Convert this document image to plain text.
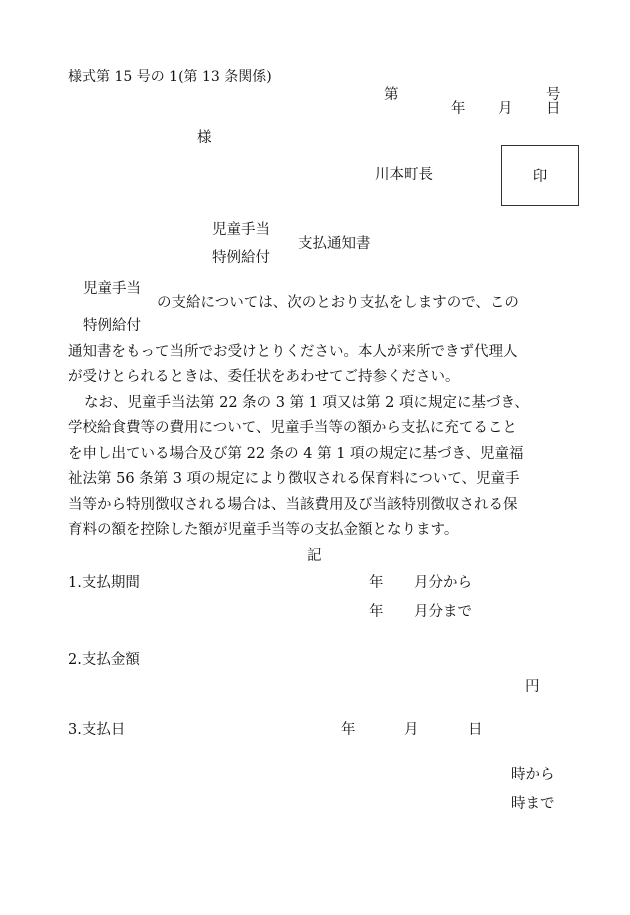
様式第 15 号の 1(第 13 条関係)
第	号
年 月 日
様
川本町長	印
児童手当
支払通知書
特例給付
児童手当
の支給については、次のとおり支払をしますので、この
特例給付
通知書をもって当所でお受けとりください。本人が来所できず代理人
が受けとられるときは、委任状をあわせてご持参ください。
なお、児童手当法第 22 条の 3 第 1 項又は第 2 項に規定に基づき、
学校給食費等の費用について、児童手当等の額から支払に充てること
を申し出ている場合及び第 22 条の 4 第 1 項の規定に基づき、児童福
祉法第 56 条第 3 項の規定により徴収される保育料について、児童手
当等から特別徴収される場合は、当該費用及び当該特別徴収される保
育料の額を控除した額が児童手当等の支払金額となります。
記
1.支払期間	年 月分から
年 月分まで
2.支払金額
円
3.支払日	年	月	日
時から
時まで
